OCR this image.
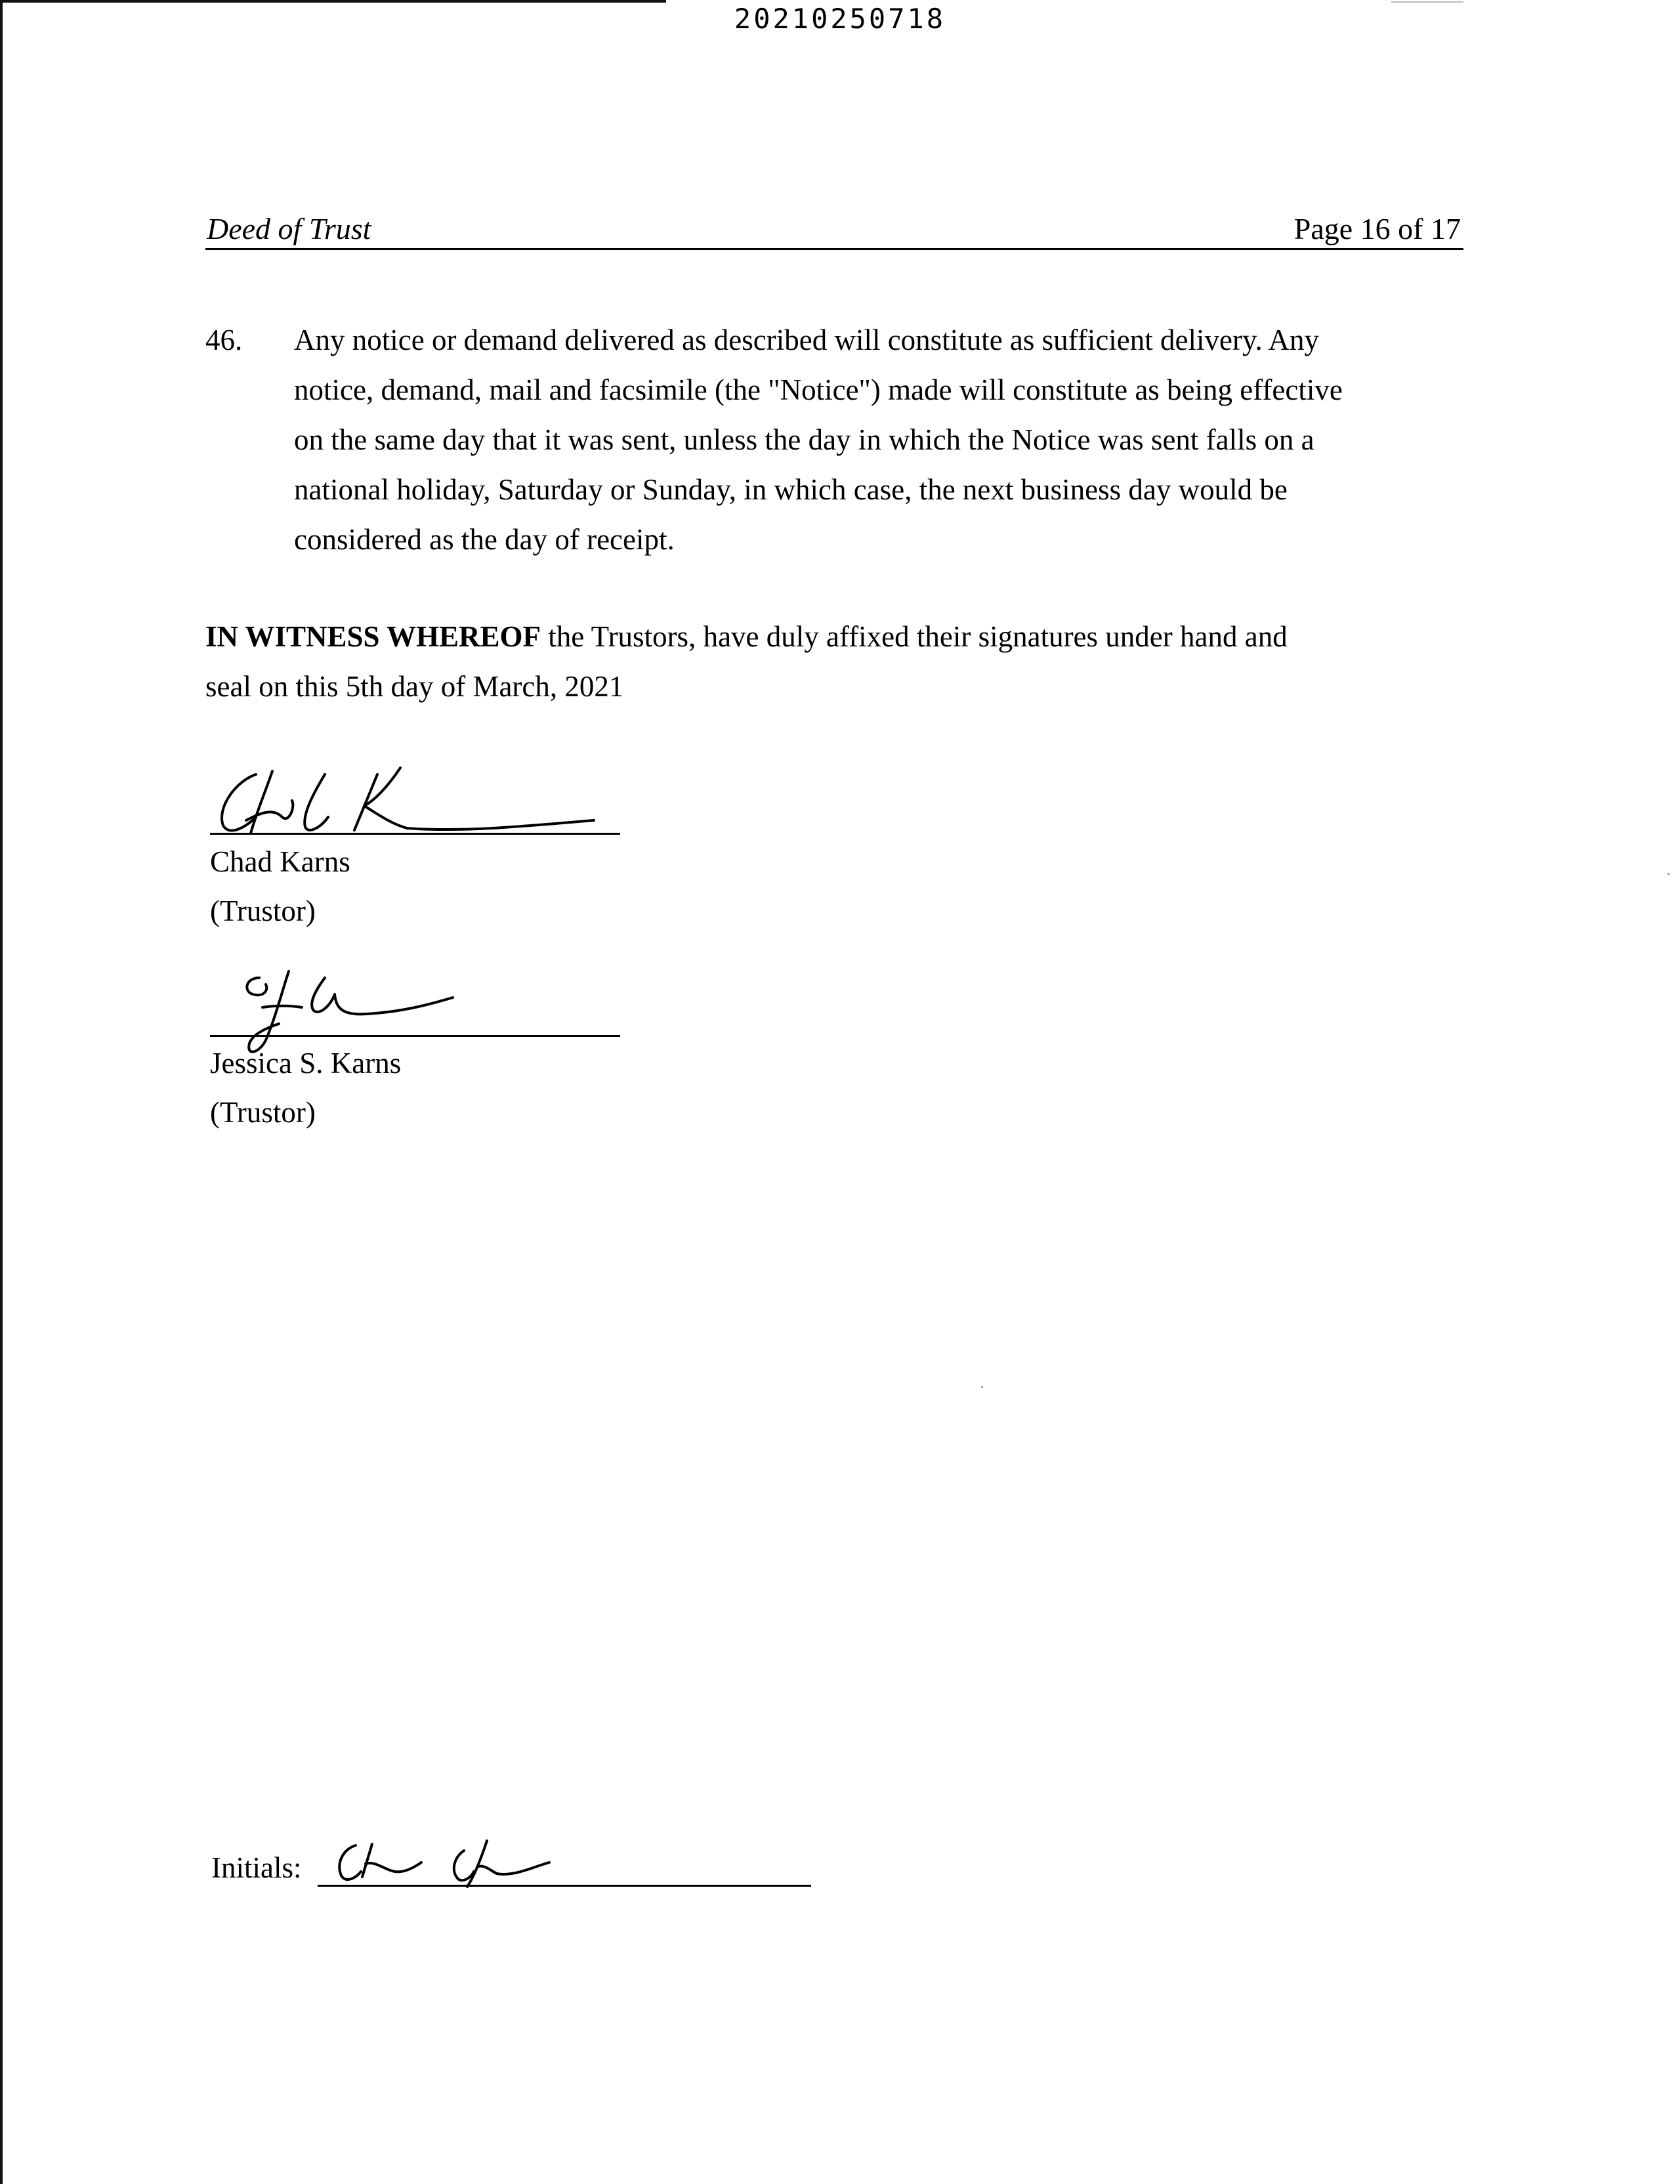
20210250718
Deed of Trust	Page 16 of 17
46. Any notice or demand delivered as described will constitute as sufficient delivery. Any
notice, demand, mail and facsimile (the "Notice") made will constitute as being effective
on the same day that it was sent, unless the day in which the Notice was sent falls on a
national holiday, Saturday or Sunday, in which case, the next business day would be
considered as the day of receipt.
IN WITNESS WHEREOF the Trustors, have duly affixed their signatures under hand and
seal on this 5th day of March, 2021
Chad Karns
(Trustor)
Jessica S. Karns
(Trustor)
Initials:
